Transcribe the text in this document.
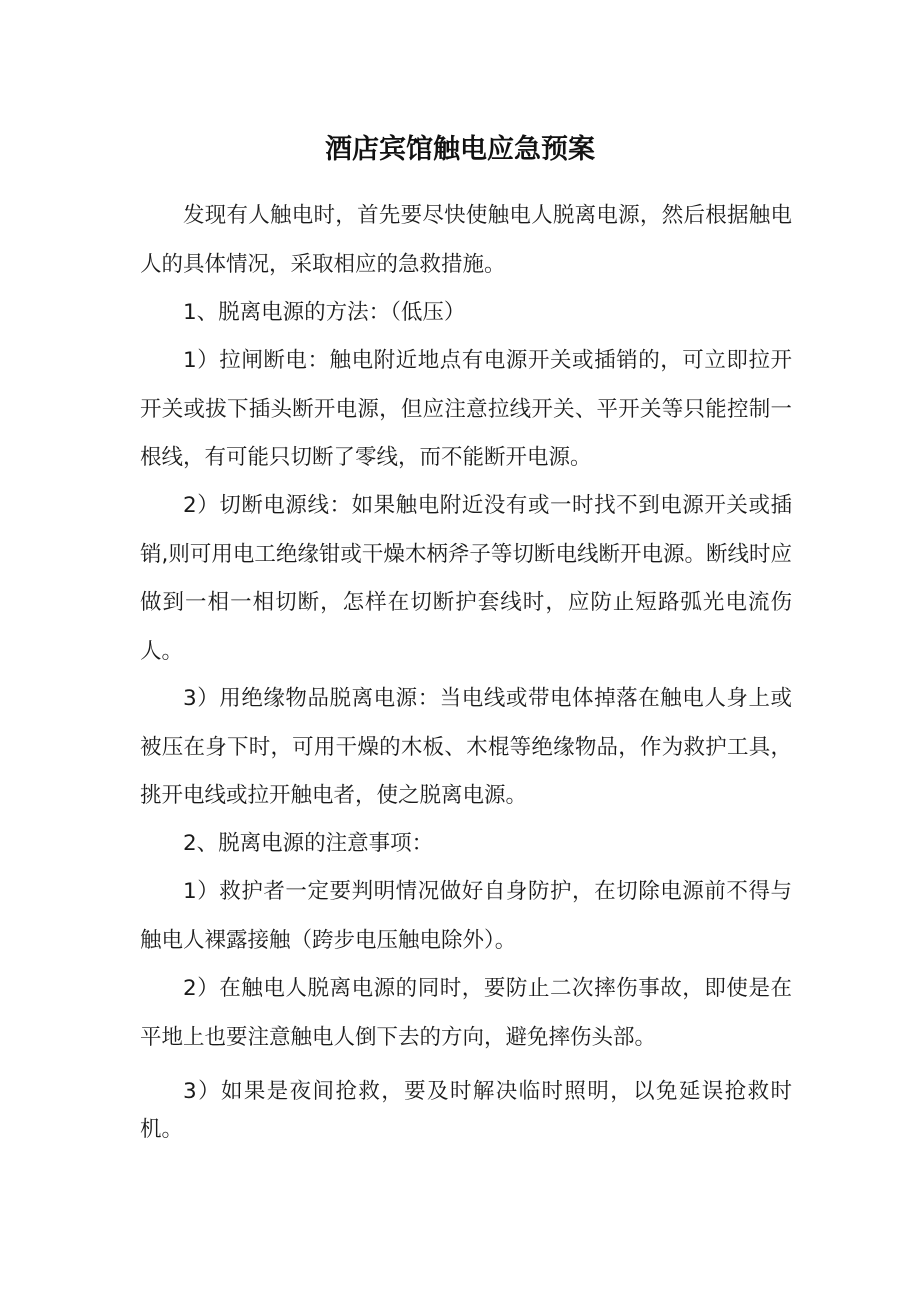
酒店宾馆触电应急预案

发现有人触电时，首先要尽快使触电人脱离电源，然后根据触电人的具体情况，采取相应的急救措施。

1、脱离电源的方法：（低压）

1）拉闸断电：触电附近地点有电源开关或插销的，可立即拉开开关或拔下插头断开电源，但应注意拉线开关、平开关等只能控制一根线，有可能只切断了零线，而不能断开电源。

2）切断电源线：如果触电附近没有或一时找不到电源开关或插销,则可用电工绝缘钳或干燥木柄斧子等切断电线断开电源。断线时应做到一相一相切断，怎样在切断护套线时，应防止短路弧光电流伤人。

3）用绝缘物品脱离电源：当电线或带电体掉落在触电人身上或被压在身下时，可用干燥的木板、木棍等绝缘物品，作为救护工具，挑开电线或拉开触电者，使之脱离电源。

2、脱离电源的注意事项：

1）救护者一定要判明情况做好自身防护，在切除电源前不得与触电人裸露接触（跨步电压触电除外）。

2）在触电人脱离电源的同时，要防止二次摔伤事故，即使是在平地上也要注意触电人倒下去的方向，避免摔伤头部。

3）如果是夜间抢救，要及时解决临时照明，以免延误抢救时机。
